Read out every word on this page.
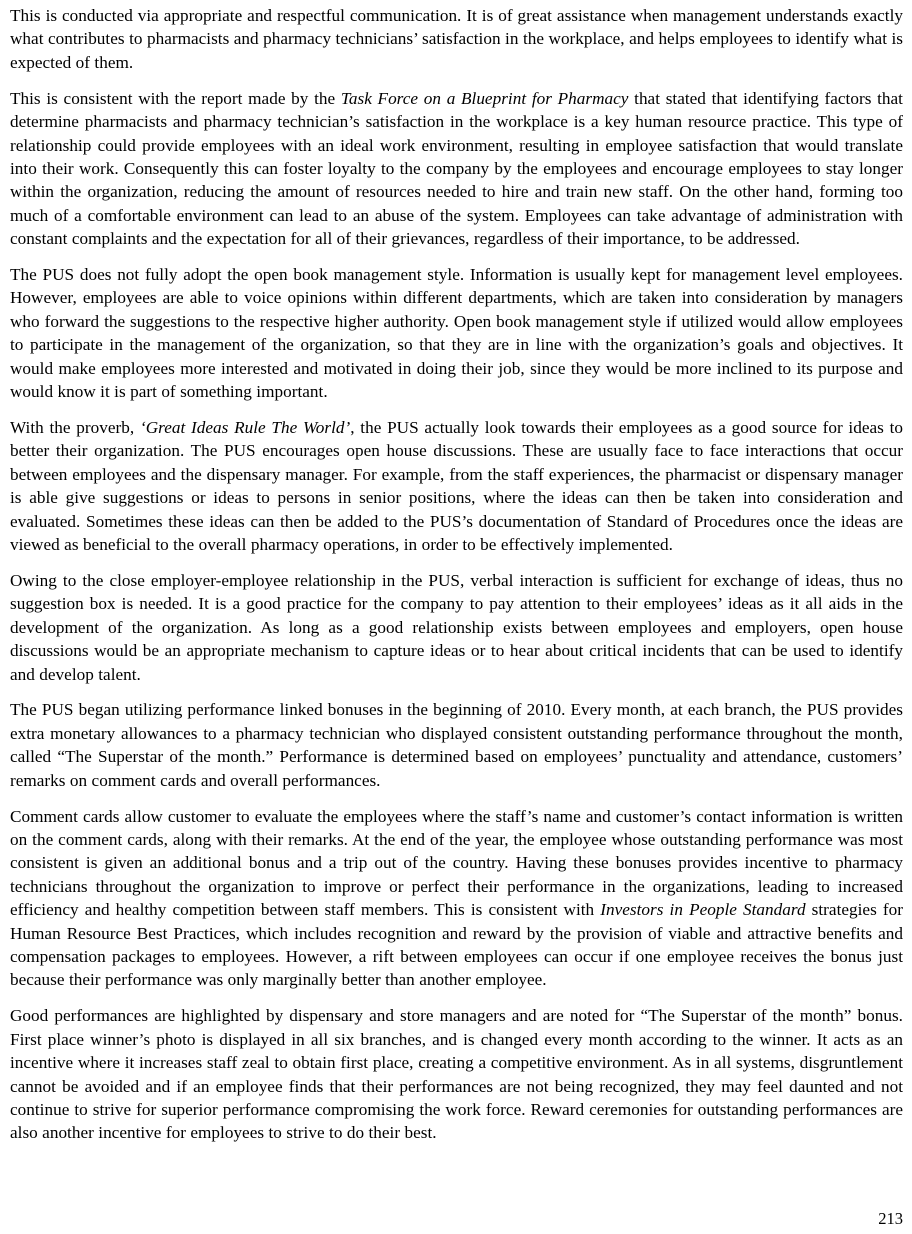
This is conducted via appropriate and respectful communication. It is of great assistance when management understands exactly what contributes to pharmacists and pharmacy technicians’ satisfaction in the workplace, and helps employees to identify what is expected of them.

This is consistent with the report made by the Task Force on a Blueprint for Pharmacy that stated that identifying factors that determine pharmacists and pharmacy technician’s satisfaction in the workplace is a key human resource practice. This type of relationship could provide employees with an ideal work environment, resulting in employee satisfaction that would translate into their work. Consequently this can foster loyalty to the company by the employees and encourage employees to stay longer within the organization, reducing the amount of resources needed to hire and train new staff. On the other hand, forming too much of a comfortable environment can lead to an abuse of the system. Employees can take advantage of administration with constant complaints and the expectation for all of their grievances, regardless of their importance, to be addressed.

The PUS does not fully adopt the open book management style. Information is usually kept for management level employees. However, employees are able to voice opinions within different departments, which are taken into consideration by managers who forward the suggestions to the respective higher authority. Open book management style if utilized would allow employees to participate in the management of the organization, so that they are in line with the organization’s goals and objectives. It would make employees more interested and motivated in doing their job, since they would be more inclined to its purpose and would know it is part of something important.

With the proverb, ‘Great Ideas Rule The World’, the PUS actually look towards their employees as a good source for ideas to better their organization. The PUS encourages open house discussions. These are usually face to face interactions that occur between employees and the dispensary manager. For example, from the staff experiences, the pharmacist or dispensary manager is able give suggestions or ideas to persons in senior positions, where the ideas can then be taken into consideration and evaluated. Sometimes these ideas can then be added to the PUS’s documentation of Standard of Procedures once the ideas are viewed as beneficial to the overall pharmacy operations, in order to be effectively implemented.

Owing to the close employer-employee relationship in the PUS, verbal interaction is sufficient for exchange of ideas, thus no suggestion box is needed. It is a good practice for the company to pay attention to their employees’ ideas as it all aids in the development of the organization. As long as a good relationship exists between employees and employers, open house discussions would be an appropriate mechanism to capture ideas or to hear about critical incidents that can be used to identify and develop talent.

The PUS began utilizing performance linked bonuses in the beginning of 2010. Every month, at each branch, the PUS provides extra monetary allowances to a pharmacy technician who displayed consistent outstanding performance throughout the month, called “The Superstar of the month.” Performance is determined based on employees’ punctuality and attendance, customers’ remarks on comment cards and overall performances.

Comment cards allow customer to evaluate the employees where the staff’s name and customer’s contact information is written on the comment cards, along with their remarks. At the end of the year, the employee whose outstanding performance was most consistent is given an additional bonus and a trip out of the country. Having these bonuses provides incentive to pharmacy technicians throughout the organization to improve or perfect their performance in the organizations, leading to increased efficiency and healthy competition between staff members. This is consistent with Investors in People Standard strategies for Human Resource Best Practices, which includes recognition and reward by the provision of viable and attractive benefits and compensation packages to employees. However, a rift between employees can occur if one employee receives the bonus just because their performance was only marginally better than another employee.

Good performances are highlighted by dispensary and store managers and are noted for “The Superstar of the month” bonus. First place winner’s photo is displayed in all six branches, and is changed every month according to the winner. It acts as an incentive where it increases staff zeal to obtain first place, creating a competitive environment. As in all systems, disgruntlement cannot be avoided and if an employee finds that their performances are not being recognized, they may feel daunted and not continue to strive for superior performance compromising the work force. Reward ceremonies for outstanding performances are also another incentive for employees to strive to do their best.

213
